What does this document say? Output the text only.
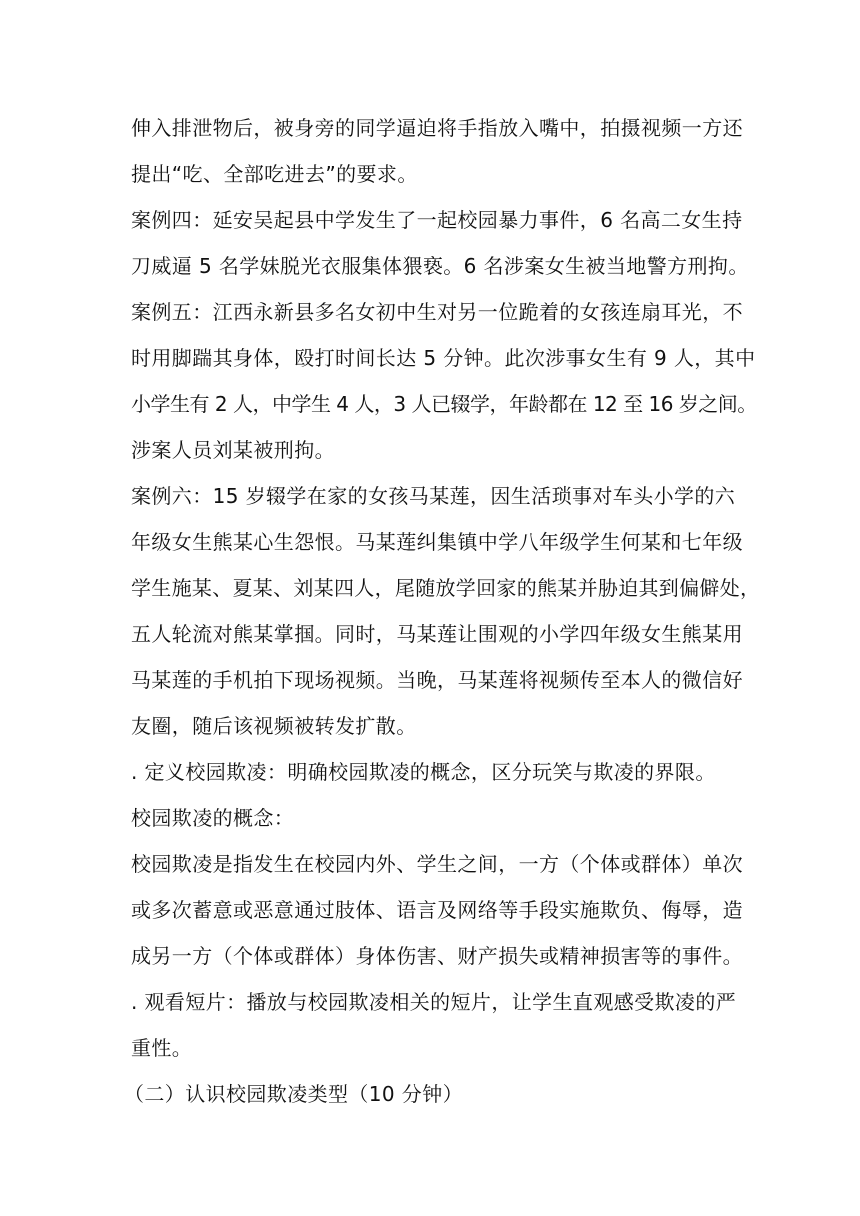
伸入排泄物后，被身旁的同学逼迫将手指放入嘴中，拍摄视频一方还
提出“吃、全部吃进去”的要求。
案例四：延安吴起县中学发生了一起校园暴力事件，6 名高二女生持
刀威逼 5 名学妹脱光衣服集体猥亵。6 名涉案女生被当地警方刑拘。
案例五：江西永新县多名女初中生对另一位跪着的女孩连扇耳光，不
时用脚踹其身体，殴打时间长达 5 分钟。此次涉事女生有 9 人，其中
小学生有 2 人，中学生 4 人，3 人已辍学，年龄都在 12 至 16 岁之间。
涉案人员刘某被刑拘。
案例六：15 岁辍学在家的女孩马某莲，因生活琐事对车头小学的六
年级女生熊某心生怨恨。马某莲纠集镇中学八年级学生何某和七年级
学生施某、夏某、刘某四人，尾随放学回家的熊某并胁迫其到偏僻处，
五人轮流对熊某掌掴。同时，马某莲让围观的小学四年级女生熊某用
马某莲的手机拍下现场视频。当晚，马某莲将视频传至本人的微信好
友圈，随后该视频被转发扩散。
. 定义校园欺凌：明确校园欺凌的概念，区分玩笑与欺凌的界限。
校园欺凌的概念：
校园欺凌是指发生在校园内外、学生之间，一方（个体或群体）单次
或多次蓄意或恶意通过肢体、语言及网络等手段实施欺负、侮辱，造
成另一方（个体或群体）身体伤害、财产损失或精神损害等的事件。
. 观看短片：播放与校园欺凌相关的短片，让学生直观感受欺凌的严
重性。
（二）认识校园欺凌类型（10 分钟）
